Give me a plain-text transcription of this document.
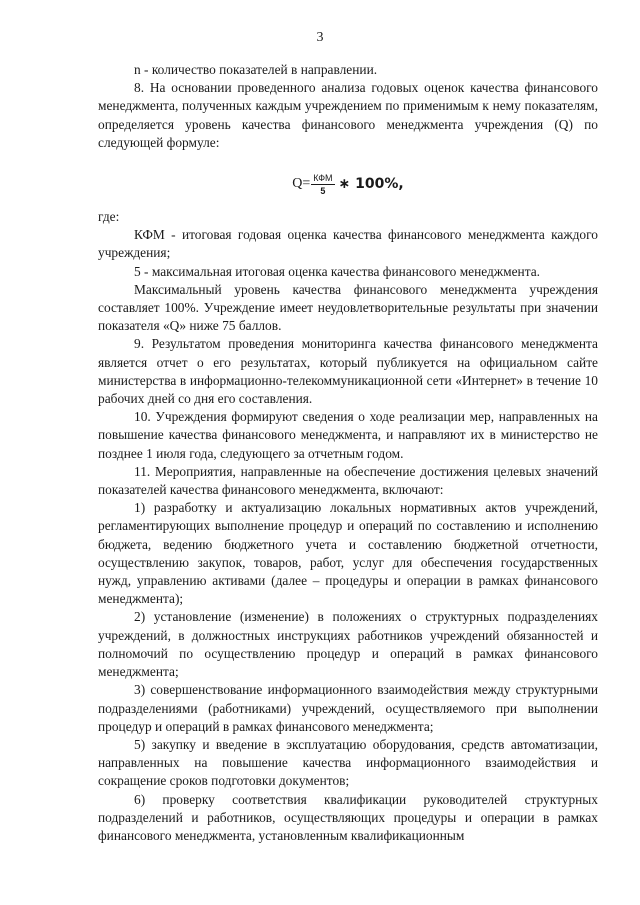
3

n - количество показателей в направлении.

8. На основании проведенного анализа годовых оценок качества финансового менеджмента, полученных каждым учреждением по применимым к нему показателям, определяется уровень качества финансового менеджмента учреждения (Q) по следующей формуле:

$Q= \frac{\text{КФМ}}{5}$ ∗ 100%,

где:

КФМ - итоговая годовая оценка качества финансового менеджмента каждого учреждения;

5 - максимальная итоговая оценка качества финансового менеджмента.

Максимальный уровень качества финансового менеджмента учреждения составляет 100%. Учреждение имеет неудовлетворительные результаты при значении показателя «Q» ниже 75 баллов.

9. Результатом проведения мониторинга качества финансового менеджмента является отчет о его результатах, который публикуется на официальном сайте министерства в информационно-телекоммуникационной сети «Интернет» в течение 10 рабочих дней со дня его составления.

10. Учреждения формируют сведения о ходе реализации мер, направленных на повышение качества финансового менеджмента, и направляют их в министерство не позднее 1 июля года, следующего за отчетным годом.

11. Мероприятия, направленные на обеспечение достижения целевых значений показателей качества финансового менеджмента, включают:

1) разработку и актуализацию локальных нормативных актов учреждений, регламентирующих выполнение процедур и операций по составлению и исполнению бюджета, ведению бюджетного учета и составлению бюджетной отчетности, осуществлению закупок, товаров, работ, услуг для обеспечения государственных нужд, управлению активами (далее – процедуры и операции в рамках финансового менеджмента);

2) установление (изменение) в положениях о структурных подразделениях учреждений, в должностных инструкциях работников учреждений обязанностей и полномочий по осуществлению процедур и операций в рамках финансового менеджмента;

3) совершенствование информационного взаимодействия между структурными подразделениями (работниками) учреждений, осуществляемого при выполнении процедур и операций в рамках финансового менеджмента;

5) закупку и введение в эксплуатацию оборудования, средств автоматизации, направленных на повышение качества информационного взаимодействия и сокращение сроков подготовки документов;

6) проверку соответствия квалификации руководителей структурных подразделений и работников, осуществляющих процедуры и операции в рамках финансового менеджмента, установленным квалификационным
